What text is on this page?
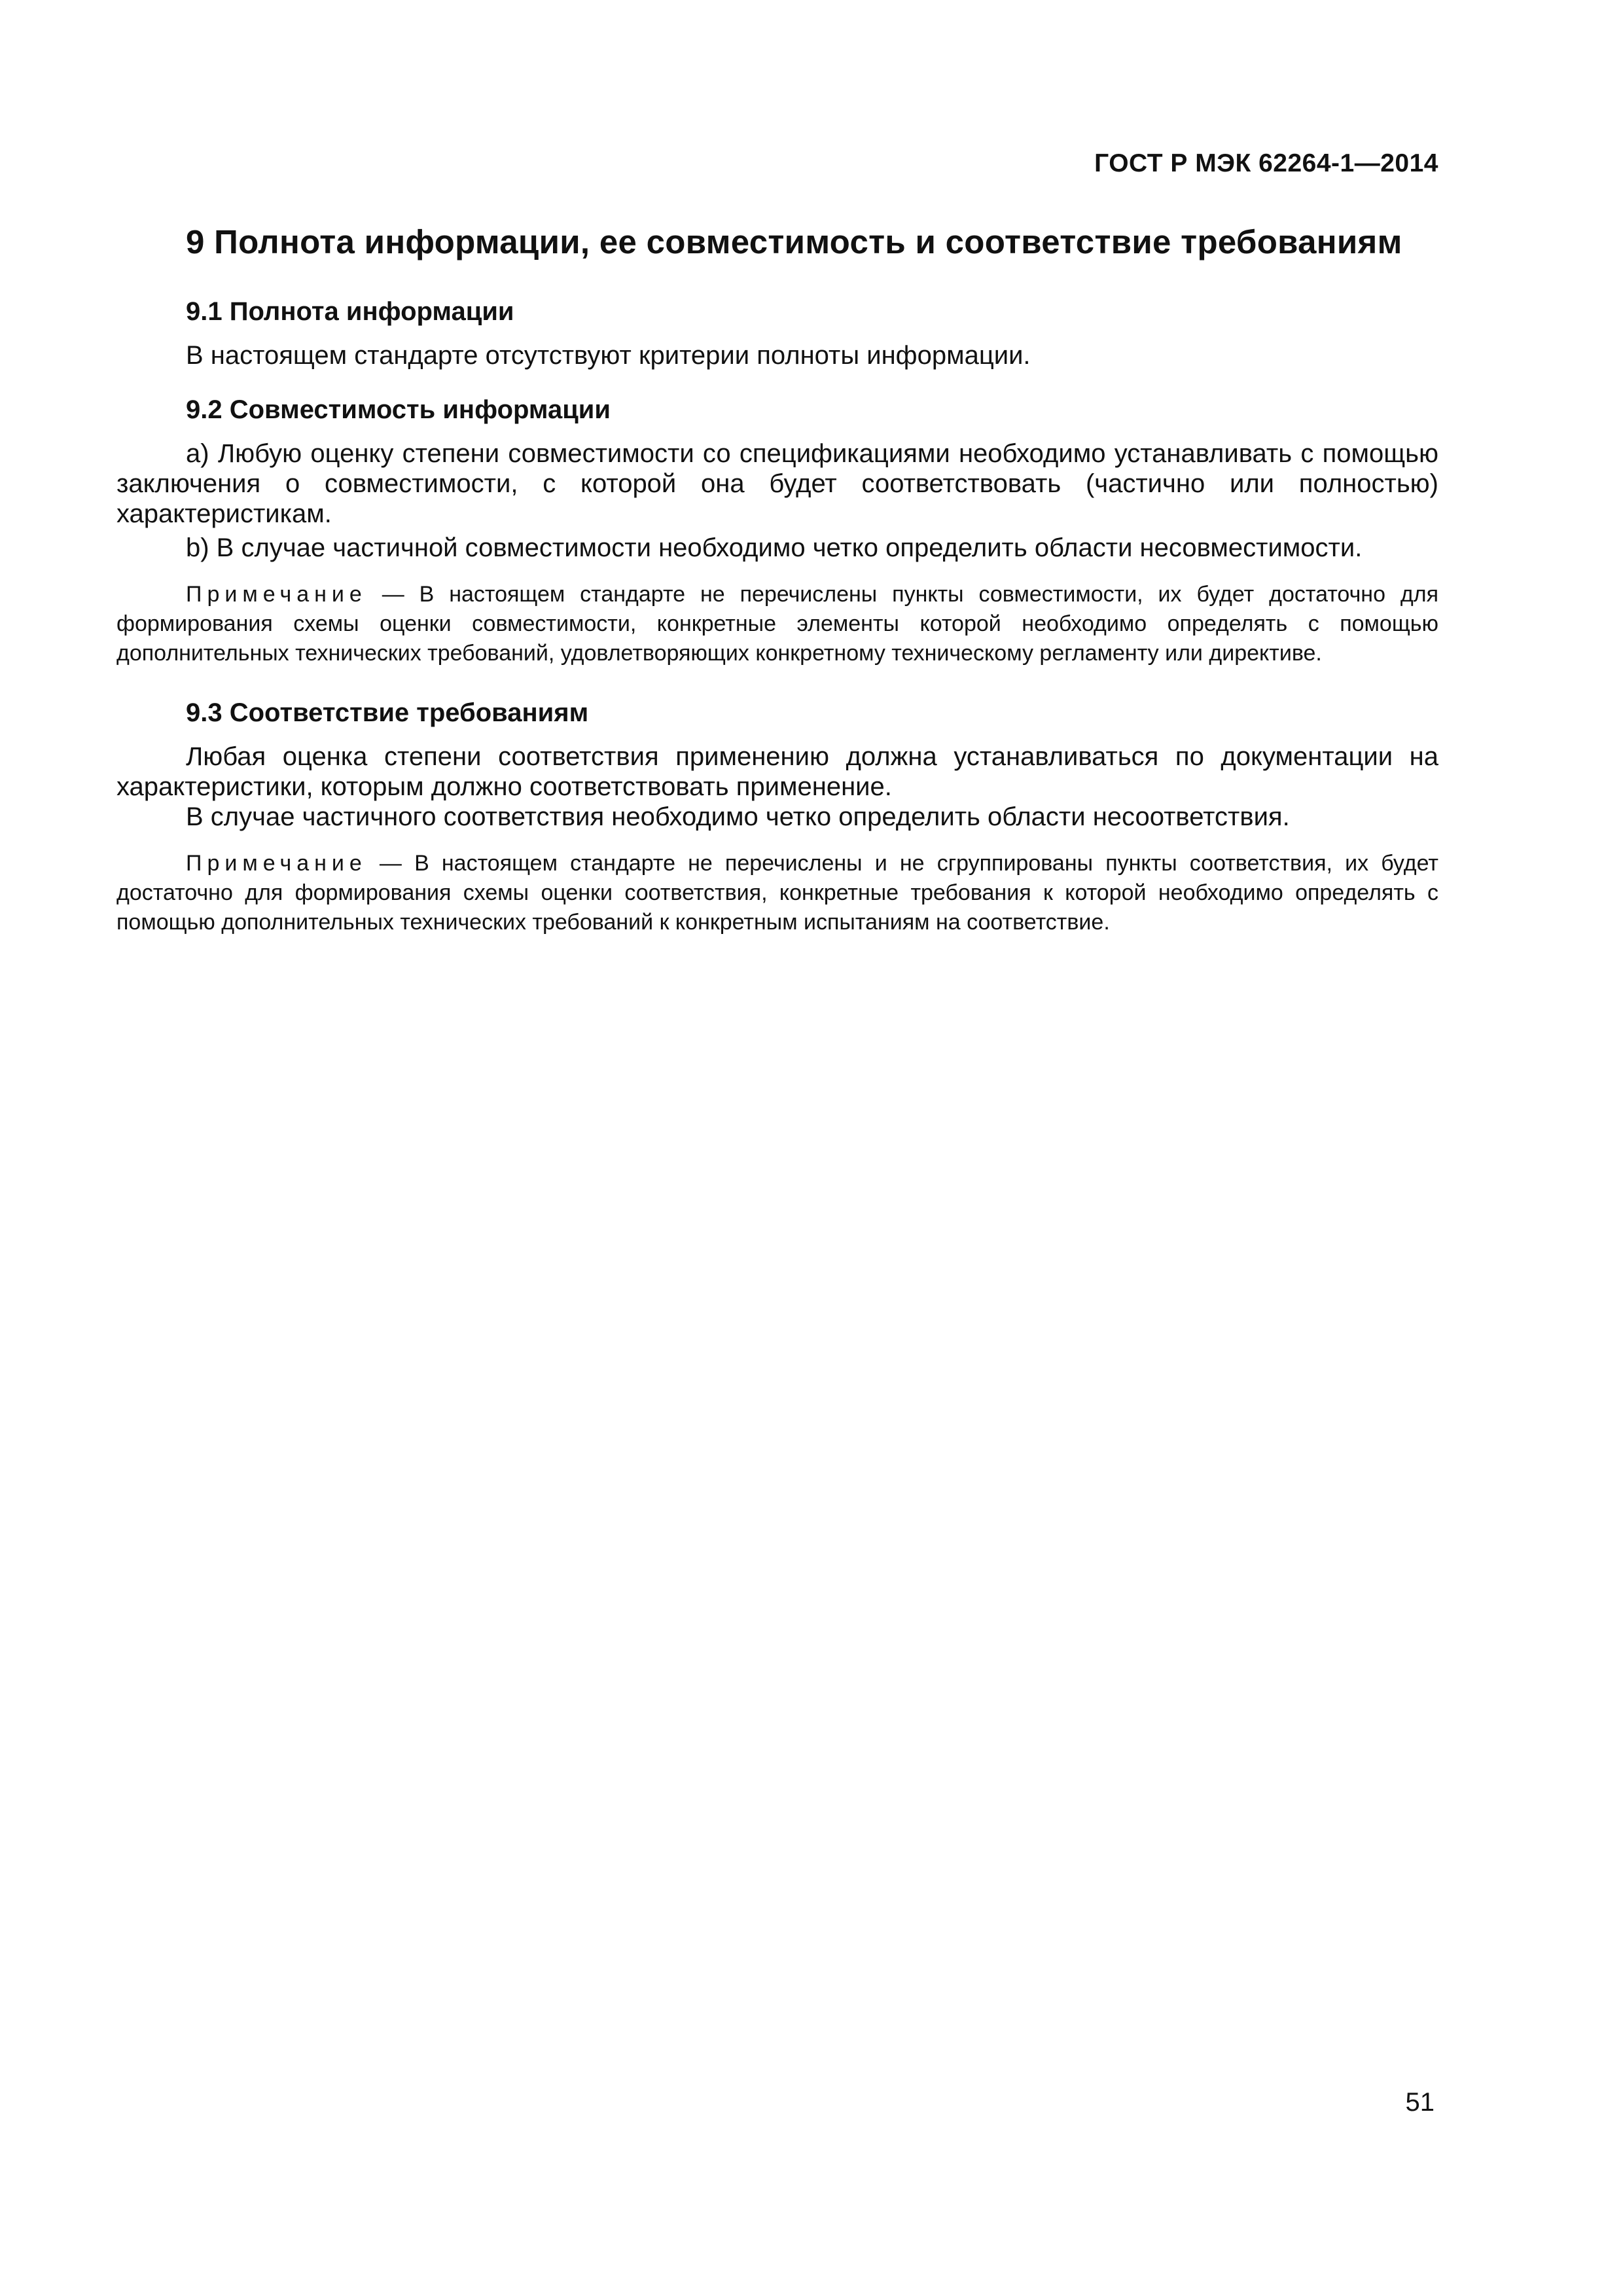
ГОСТ Р МЭК 62264-1—2014
9 Полнота информации, ее совместимость и соответствие требованиям
9.1 Полнота информации

В настоящем стандарте отсутствуют критерии полноты информации.

9.2 Совместимость информации

а) Любую оценку степени совместимости со спецификациями необходимо устанавливать с помощью заключения о совместимости, с которой она будет соответствовать (частично или полностью) характеристикам.

b) В случае частичной совместимости необходимо четко определить области несовместимости.

Примечание — В настоящем стандарте не перечислены пункты совместимости, их будет достаточно для формирования схемы оценки совместимости, конкретные элементы которой необходимо определять с помощью дополнительных технических требований, удовлетворяющих конкретному техническому регламенту или директиве.

9.3 Соответствие требованиям

Любая оценка степени соответствия применению должна устанавливаться по документации на характеристики, которым должно соответствовать применение.

В случае частичного соответствия необходимо четко определить области несоответствия.

Примечание — В настоящем стандарте не перечислены и не сгруппированы пункты соответствия, их будет достаточно для формирования схемы оценки соответствия, конкретные требования к которой необходимо определять с помощью дополнительных технических требований к конкретным испытаниям на соответствие.

51
